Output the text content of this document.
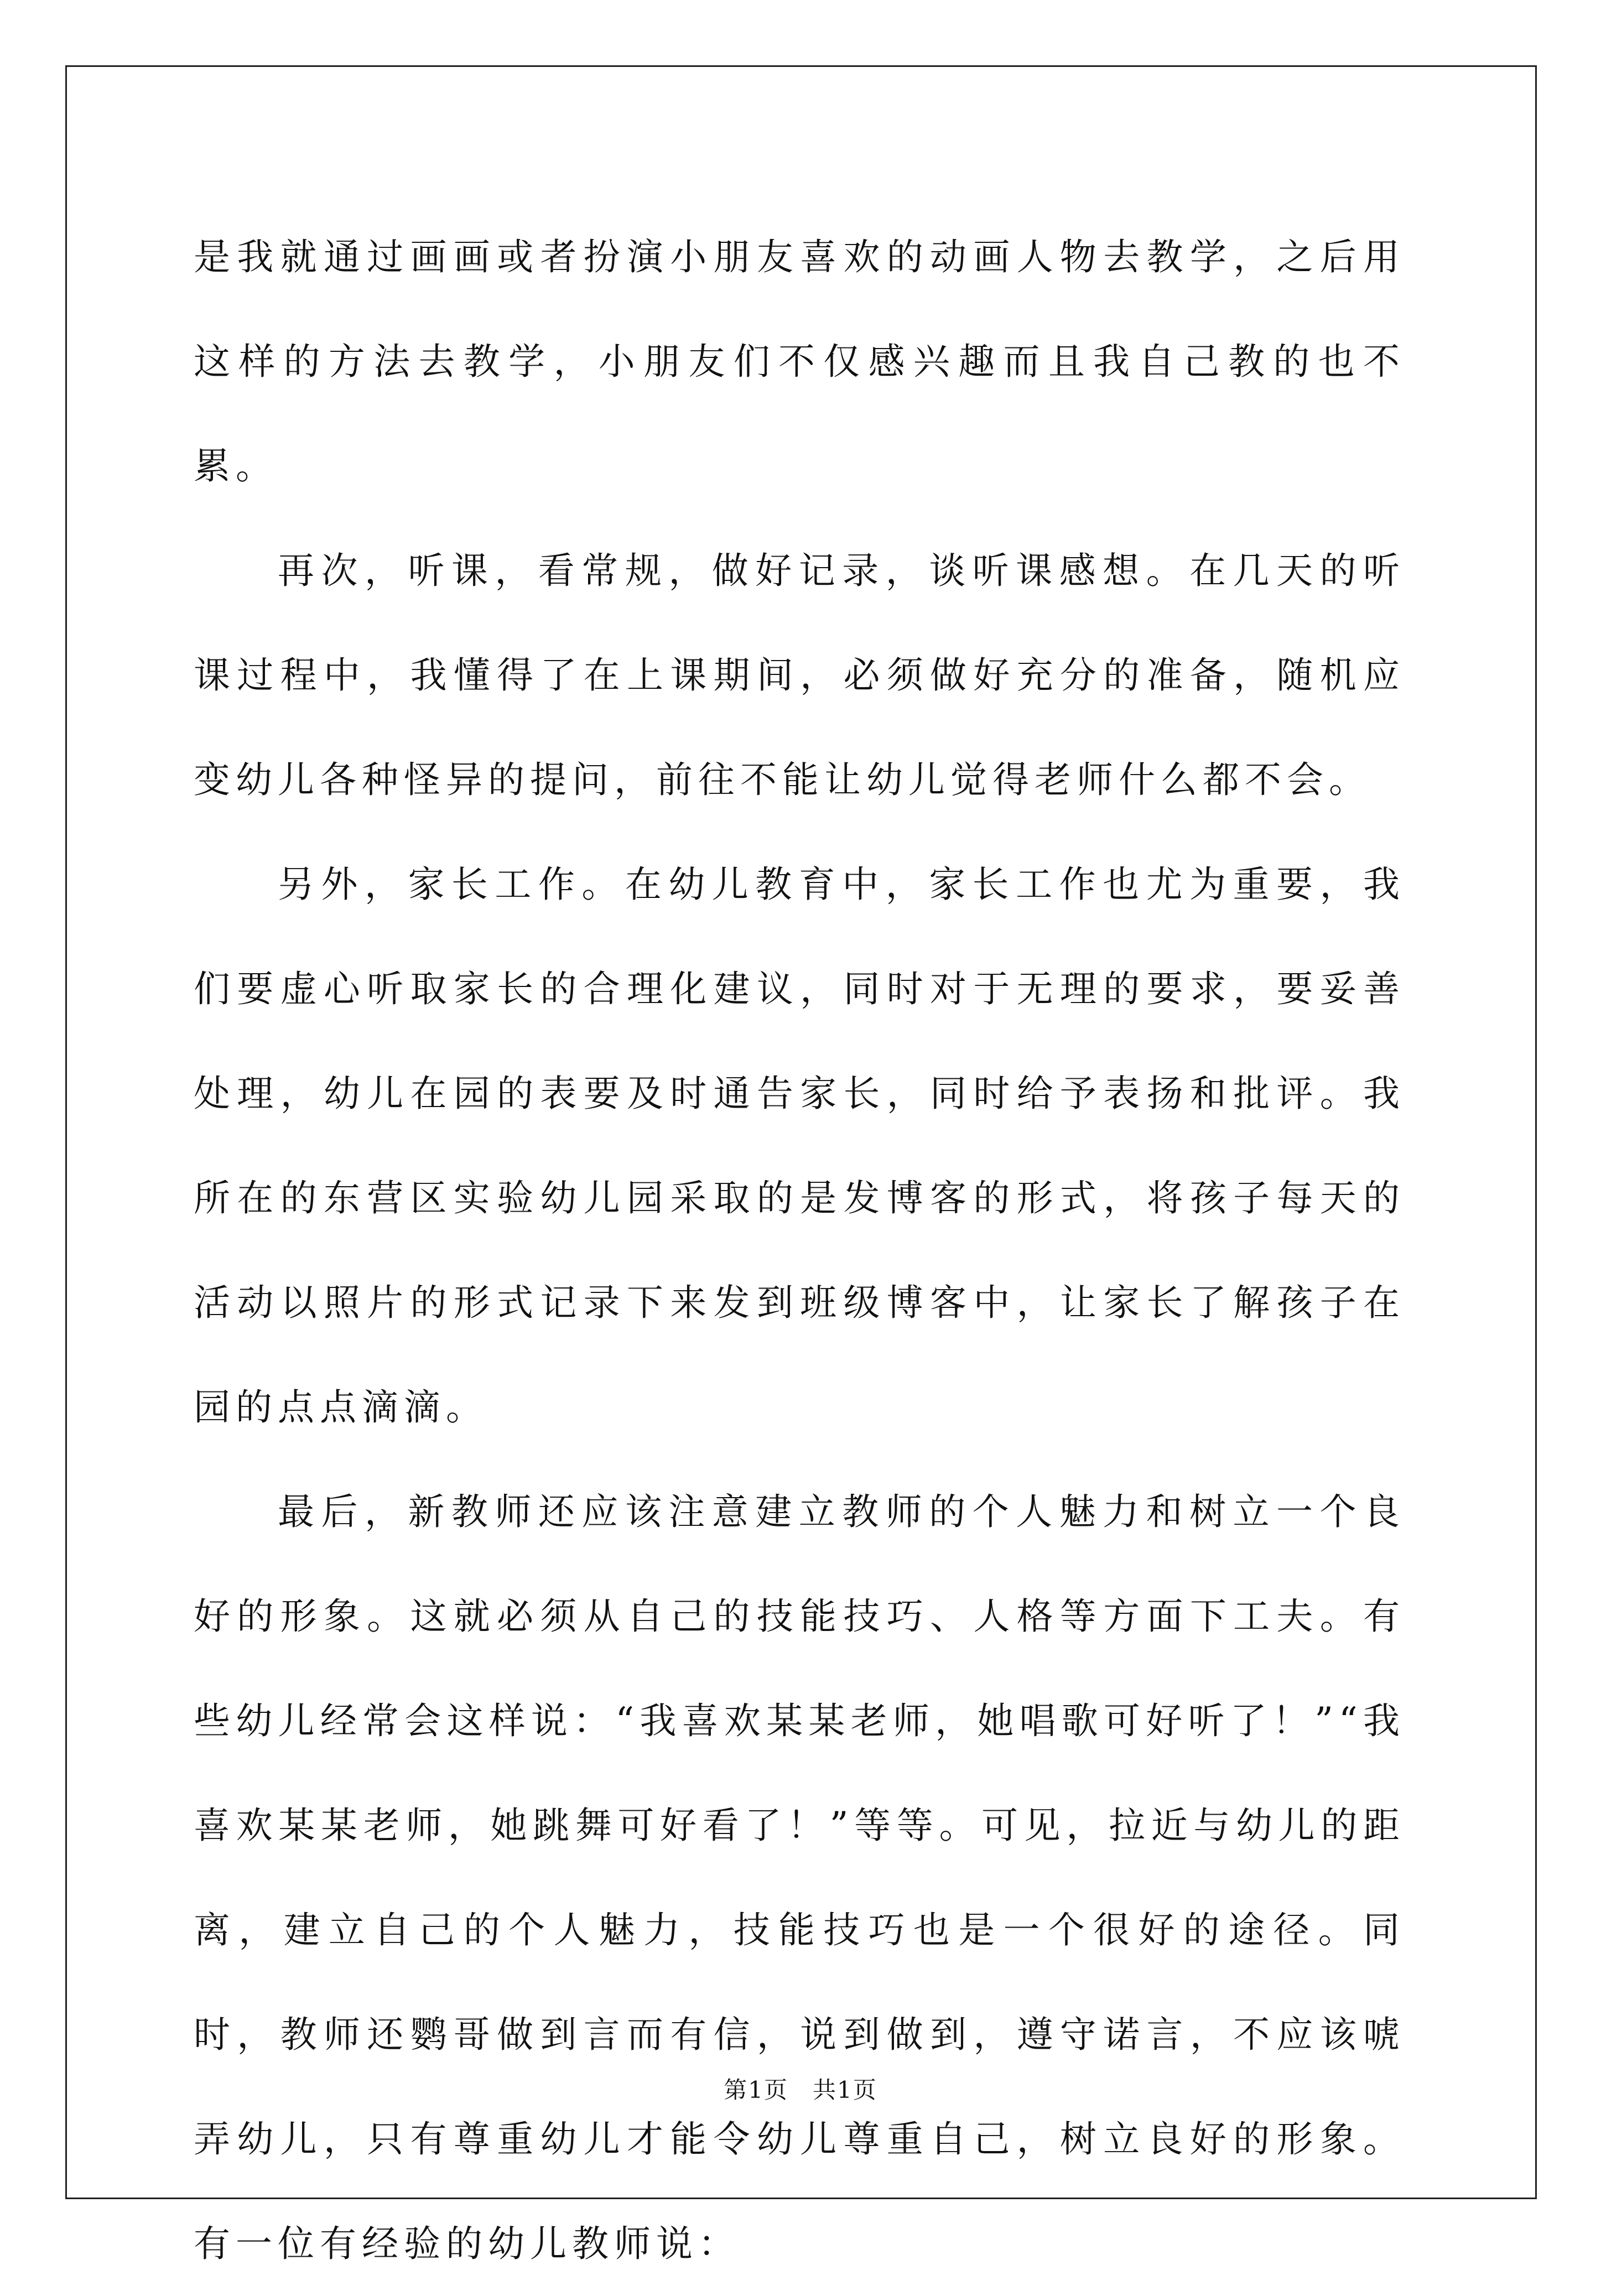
是我就通过画画或者扮演小朋友喜欢的动画人物去教学，之后用这样的方法去教学，小朋友们不仅感兴趣而且我自己教的也不累。

再次，听课，看常规，做好记录，谈听课感想。在几天的听课过程中，我懂得了在上课期间，必须做好充分的准备，随机应变幼儿各种怪异的提问，前往不能让幼儿觉得老师什么都不会。

另外，家长工作。在幼儿教育中，家长工作也尤为重要，我们要虚心听取家长的合理化建议，同时对于无理的要求，要妥善处理，幼儿在园的表要及时通告家长，同时给予表扬和批评。我所在的东营区实验幼儿园采取的是发博客的形式，将孩子每天的活动以照片的形式记录下来发到班级博客中，让家长了解孩子在园的点点滴滴。

最后，新教师还应该注意建立教师的个人魅力和树立一个良好的形象。这就必须从自己的技能技巧、人格等方面下工夫。有些幼儿经常会这样说：“我喜欢某某老师，她唱歌可好听了！”“我喜欢某某老师，她跳舞可好看了！”等等。可见，拉近与幼儿的距离，建立自己的个人魅力，技能技巧也是一个很好的途径。同时，教师还鹦哥做到言而有信，说到做到，遵守诺言，不应该唬弄幼儿，只有尊重幼儿才能令幼儿尊重自己，树立良好的形象。有一位有经验的幼儿教师说：

第1页　共1页
